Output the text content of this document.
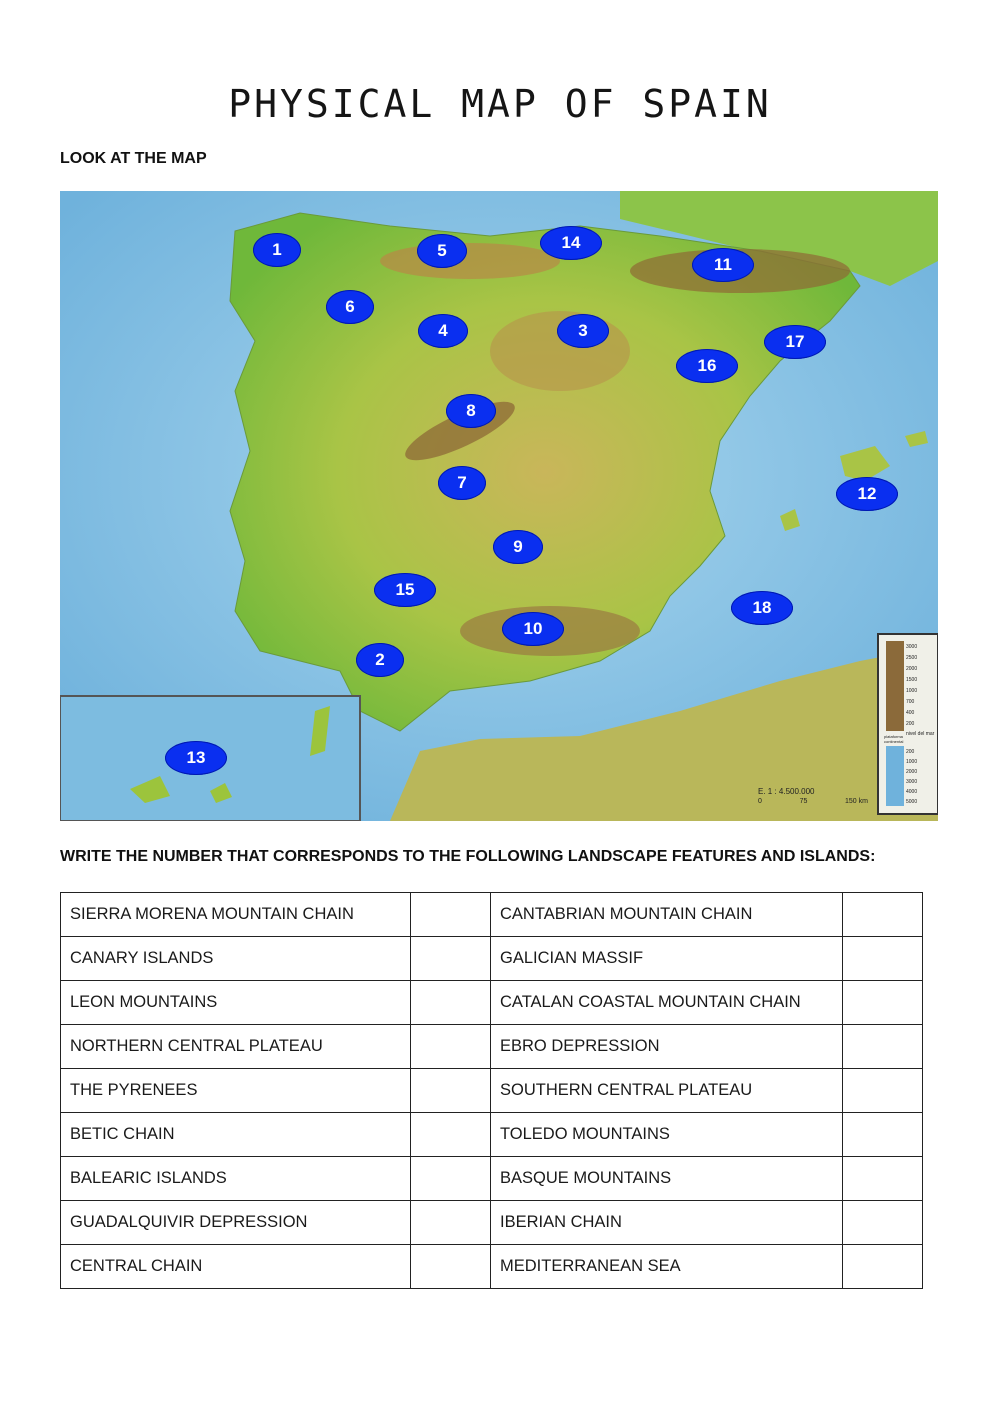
PHYSICAL MAP OF SPAIN
LOOK AT THE MAP
1
2
3
4
5
6
7
8
9
10
11
12
13
14
15
16
17
18
E. 1 : 4.500.000
0	75	150 km
3000
2500
2000
1500
1000
700
400
200
nivel del mar
plataforma continental
200
1000
2000
3000
4000
5000
WRITE THE NUMBER THAT CORRESPONDS TO THE FOLLOWING LANDSCAPE FEATURES AND ISLANDS:
SIERRA MORENA MOUNTAIN CHAIN		CANTABRIAN MOUNTAIN CHAIN	
CANARY ISLANDS		GALICIAN MASSIF	
LEON MOUNTAINS		CATALAN COASTAL MOUNTAIN CHAIN	
NORTHERN CENTRAL PLATEAU		EBRO DEPRESSION	
THE PYRENEES		SOUTHERN CENTRAL PLATEAU	
BETIC CHAIN		TOLEDO MOUNTAINS	
BALEARIC ISLANDS		BASQUE MOUNTAINS	
GUADALQUIVIR DEPRESSION		IBERIAN CHAIN	
CENTRAL CHAIN		MEDITERRANEAN SEA	
